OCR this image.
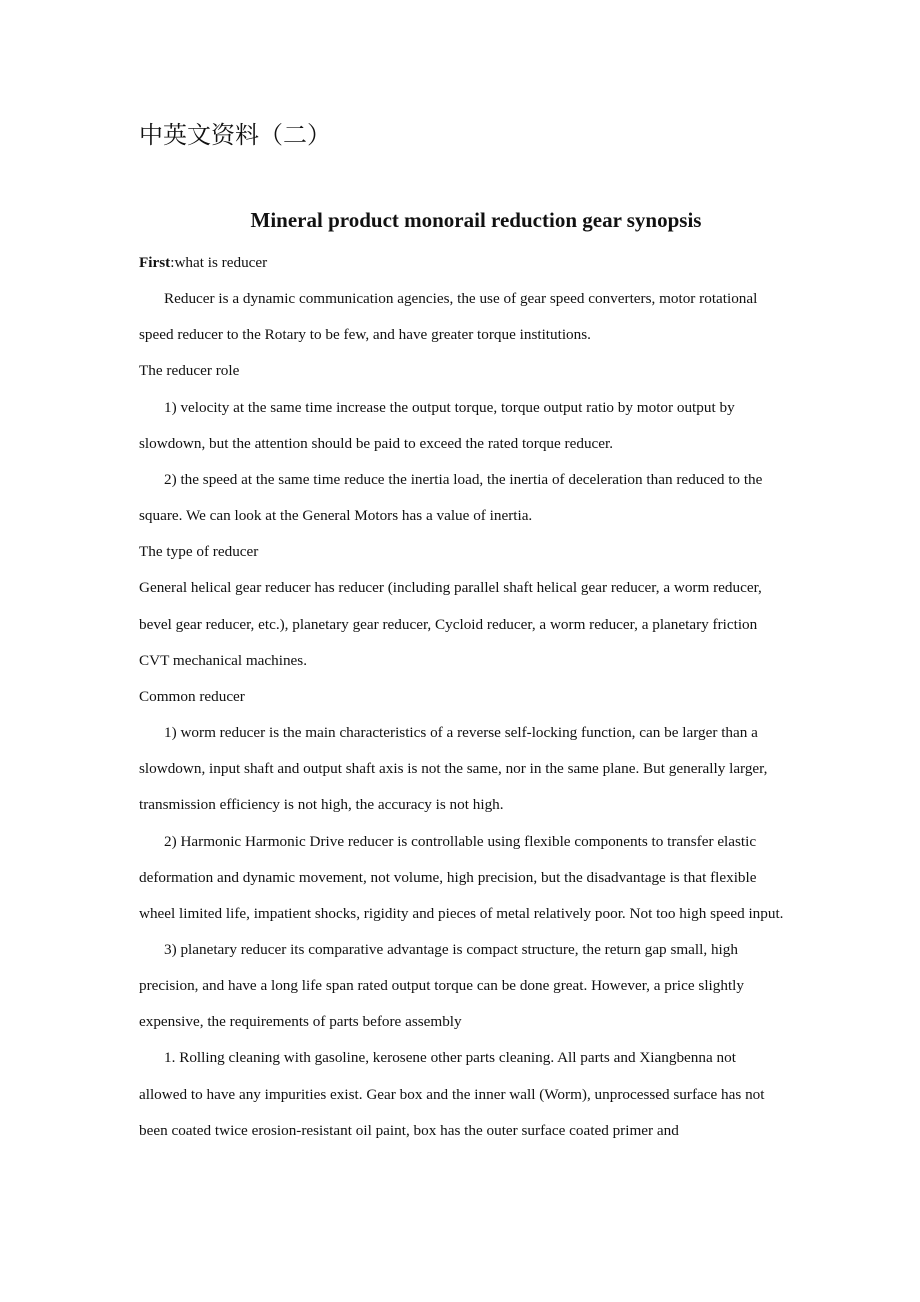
中英文资料（二）
Mineral product monorail reduction gear synopsis

First:what is reducer

Reducer is a dynamic communication agencies, the use of gear speed converters, motor rotational speed reducer to the Rotary to be few, and have greater torque institutions.

The reducer role

1) velocity at the same time increase the output torque, torque output ratio by motor output by slowdown, but the attention should be paid to exceed the rated torque reducer.

2) the speed at the same time reduce the inertia load, the inertia of deceleration than reduced to the square. We can look at the General Motors has a value of inertia.

The type of reducer

General helical gear reducer has reducer (including parallel shaft helical gear reducer, a worm reducer, bevel gear reducer, etc.), planetary gear reducer, Cycloid reducer, a worm reducer, a planetary friction CVT mechanical machines.

Common reducer

1) worm reducer is the main characteristics of a reverse self-locking function, can be larger than a slowdown, input shaft and output shaft axis is not the same, nor in the same plane. But generally larger, transmission efficiency is not high, the accuracy is not high.

2) Harmonic Harmonic Drive reducer is controllable using flexible components to transfer elastic deformation and dynamic movement, not volume, high precision, but the disadvantage is that flexible wheel limited life, impatient shocks, rigidity and pieces of metal relatively poor. Not too high speed input.

3) planetary reducer its comparative advantage is compact structure, the return gap small, high precision, and have a long life span rated output torque can be done great. However, a price slightly expensive, the requirements of parts before assembly

1. Rolling cleaning with gasoline, kerosene other parts cleaning. All parts and Xiangbenna not allowed to have any impurities exist. Gear box and the inner wall (Worm), unprocessed surface has not been coated twice erosion-resistant oil paint, box has the outer surface coated primer and
